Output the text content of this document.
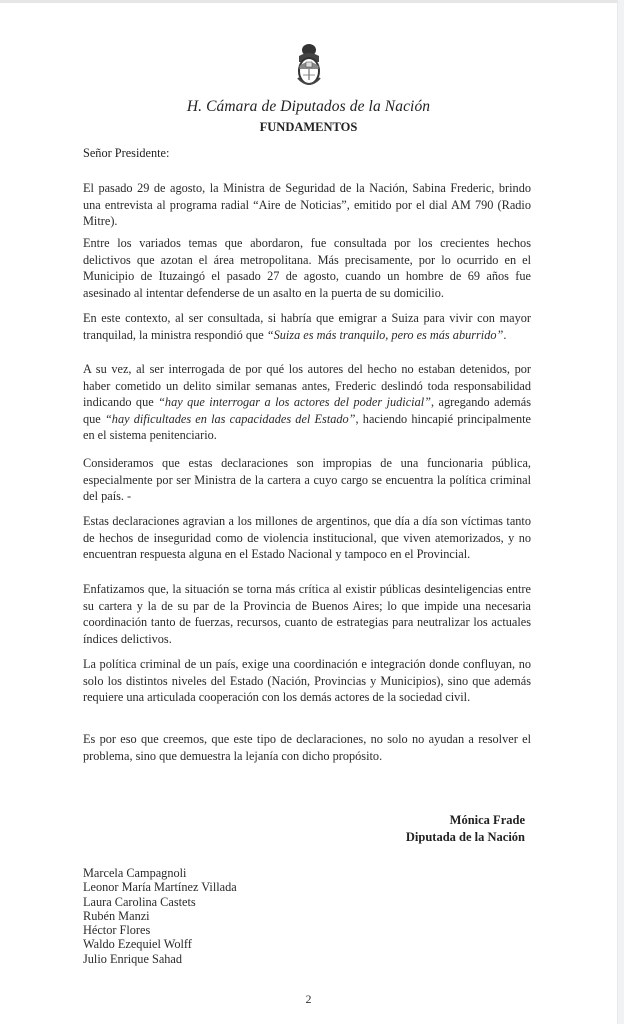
H. Cámara de Diputados de la Nación
FUNDAMENTOS
Señor Presidente:

El pasado 29 de agosto, la Ministra de Seguridad de la Nación, Sabina Frederic, brindo una entrevista al programa radial “Aire de Noticias”, emitido por el dial AM 790 (Radio Mitre).

Entre los variados temas que abordaron, fue consultada por los crecientes hechos delictivos que azotan el área metropolitana. Más precisamente, por lo ocurrido en el Municipio de Ituzaingó el pasado 27 de agosto, cuando un hombre de 69 años fue asesinado al intentar defenderse de un asalto en la puerta de su domicilio.

En este contexto, al ser consultada, si habría que emigrar a Suiza para vivir con mayor tranquilad, la ministra respondió que “Suiza es más tranquilo, pero es más aburrido”.

A su vez, al ser interrogada de por qué los autores del hecho no estaban detenidos, por haber cometido un delito similar semanas antes, Frederic deslindó toda responsabilidad indicando que “hay que interrogar a los actores del poder judicial”, agregando además que “hay dificultades en las capacidades del Estado”, haciendo hincapié principalmente en el sistema penitenciario.

Consideramos que estas declaraciones son impropias de una funcionaria pública, especialmente por ser Ministra de la cartera a cuyo cargo se encuentra la política criminal del país. -

Estas declaraciones agravian a los millones de argentinos, que día a día son víctimas tanto de hechos de inseguridad como de violencia institucional, que viven atemorizados, y no encuentran respuesta alguna en el Estado Nacional y tampoco en el Provincial.

Enfatizamos que, la situación se torna más crítica al existir públicas desinteligencias entre su cartera y la de su par de la Provincia de Buenos Aires; lo que impide una necesaria coordinación tanto de fuerzas, recursos, cuanto de estrategias para neutralizar los actuales índices delictivos.

La política criminal de un país, exige una coordinación e integración donde confluyan, no solo los distintos niveles del Estado (Nación, Provincias y Municipios), sino que además requiere una articulada cooperación con los demás actores de la sociedad civil.

Es por eso que creemos, que este tipo de declaraciones, no solo no ayudan a resolver el problema, sino que demuestra la lejanía con dicho propósito.

Mónica Frade
Diputada de la Nación
Marcela Campagnoli
Leonor María Martínez Villada
Laura Carolina Castets
Rubén Manzi
Héctor Flores
Waldo Ezequiel Wolff
Julio Enrique Sahad
2
